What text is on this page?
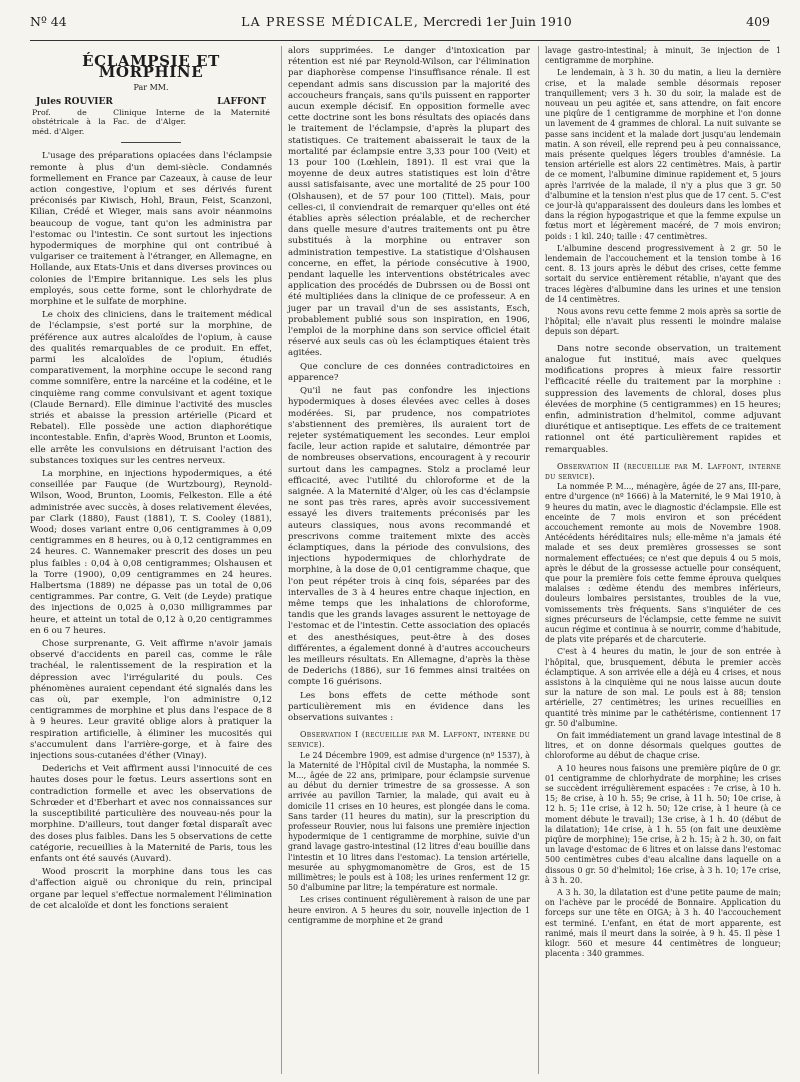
Nº 44	LA PRESSE MÉDICALE, Mercredi 1er Juin 1910	409
ÉCLAMPSIE ET MORPHINE
Par MM.
Jules ROUVIER	LAFFONT
Prof. de Clinique obstétricale à la Fac. de méd. d'Alger.
Interne de la Maternité d'Alger.

L'usage des préparations opiacées dans l'éclampsie remonte à plus d'un demi-siècle. Condamnés formellement en France par Cazeaux, à cause de leur action congestive, l'opium et ses dérivés furent préconisés par Kiwisch, Hohl, Braun, Feist, Scanzoni, Kilian, Crédé et Wieger, mais sans avoir néanmoins beaucoup de vogue, tant qu'on les administra par l'estomac ou l'intestin. Ce sont surtout les injections hypodermiques de morphine qui ont contribué à vulgariser ce traitement à l'étranger, en Allemagne, en Hollande, aux Etats-Unis et dans diverses provinces ou colonies de l'Empire britannique. Les sels les plus employés, sous cette forme, sont le chlorhydrate de morphine et le sulfate de morphine.

Le choix des cliniciens, dans le traitement médical de l'éclampsie, s'est porté sur la morphine, de préférence aux autres alcaloïdes de l'opium, à cause des qualités remarquables de ce produit. En effet, parmi les alcaloïdes de l'opium, étudiés comparativement, la morphine occupe le second rang comme somnifère, entre la narcéine et la codéine, et le cinquième rang comme convulsivant et agent toxique (Claude Bernard). Elle diminue l'activité des muscles striés et abaisse la pression artérielle (Picard et Rebatel). Elle possède une action diaphorétique incontestable. Enfin, d'après Wood, Brunton et Loomis, elle arrête les convulsions en détruisant l'action des substances toxiques sur les centres nerveux.

La morphine, en injections hypodermiques, a été conseillée par Fauque (de Wurtzbourg), Reynold-Wilson, Wood, Brunton, Loomis, Felkeston. Elle a été administrée avec succès, à doses relativement élevées, par Clark (1880), Faust (1881), T. S. Cooley (1881), Wood; doses variant entre 0,06 centigrammes à 0,09 centigrammes en 8 heures, ou à 0,12 centigrammes en 24 heures. C. Wannemaker prescrit des doses un peu plus faibles : 0,04 à 0,08 centigrammes; Olshausen et la Torre (1900), 0,09 centigrammes en 24 heures. Halbertsma (1889) ne dépasse pas un total de 0,06 centigrammes. Par contre, G. Veit (de Leyde) pratique des injections de 0,025 à 0,030 milligrammes par heure, et atteint un total de 0,12 à 0,20 centigrammes en 6 ou 7 heures.

Chose surprenante, G. Veit affirme n'avoir jamais observé d'accidents en pareil cas, comme le râle trachéal, le ralentissement de la respiration et la dépression avec l'irrégularité du pouls. Ces phénomènes auraient cependant été signalés dans les cas où, par exemple, l'on administre 0,12 centigrammes de morphine et plus dans l'espace de 8 à 9 heures. Leur gravité oblige alors à pratiquer la respiration artificielle, à éliminer les mucosités qui s'accumulent dans l'arrière-gorge, et à faire des injections sous-cutanées d'éther (Vinay).

Dederichs et Veit affirment aussi l'innocuité de ces hautes doses pour le fœtus. Leurs assertions sont en contradiction formelle et avec les observations de Schrœder et d'Eberhart et avec nos connaissances sur la susceptibilité particulière des nouveau-nés pour la morphine. D'ailleurs, tout danger fœtal disparaît avec des doses plus faibles. Dans les 5 observations de cette catégorie, recueillies à la Maternité de Paris, tous les enfants ont été sauvés (Auvard).

Wood proscrit la morphine dans tous les cas d'affection aiguë ou chronique du rein, principal organe par lequel s'effectue normalement l'élimination de cet alcaloïde et dont les fonctions seraient

alors supprimées. Le danger d'intoxication par rétention est nié par Reynold-Wilson, car l'élimination par diaphorèse compense l'insuffisance rénale. Il est cependant admis sans discussion par la majorité des accoucheurs français, sans qu'ils puissent en rapporter aucun exemple décisif. En opposition formelle avec cette doctrine sont les bons résultats des opiacés dans le traitement de l'éclampsie, d'après la plupart des statistiques. Ce traitement abaisserait le taux de la mortalité par éclampsie entre 3,33 pour 100 (Veit) et 13 pour 100 (Lœhlein, 1891). Il est vrai que la moyenne de deux autres statistiques est loin d'être aussi satisfaisante, avec une mortalité de 25 pour 100 (Olshausen), et de 57 pour 100 (Tittel). Mais, pour celles-ci, il conviendrait de remarquer qu'elles ont été établies après sélection préalable, et de rechercher dans quelle mesure d'autres traitements ont pu être substitués à la morphine ou entraver son administration tempestive. La statistique d'Olshausen concerne, en effet, la période consécutive à 1900, pendant laquelle les interventions obstétricales avec application des procédés de Dubrssen ou de Bossi ont été multipliées dans la clinique de ce professeur. A en juger par un travail d'un de ses assistants, Esch, probablement publié sous son inspiration, en 1906, l'emploi de la morphine dans son service officiel était réservé aux seuls cas où les éclamptiques étaient très agitées.

Que conclure de ces données contradictoires en apparence?

Qu'il ne faut pas confondre les injections hypodermiques à doses élevées avec celles à doses modérées. Si, par prudence, nos compatriotes s'abstiennent des premières, ils auraient tort de rejeter systématiquement les secondes. Leur emploi facile, leur action rapide et salutaire, démontrée par de nombreuses observations, encouragent à y recourir surtout dans les campagnes. Stolz a proclamé leur efficacité, avec l'utilité du chloroforme et de la saignée. A la Maternité d'Alger, où les cas d'éclampsie ne sont pas très rares, après avoir successivement essayé les divers traitements préconisés par les auteurs classiques, nous avons recommandé et prescrivons comme traitement mixte des accès éclamptiques, dans la période des convulsions, des injections hypodermiques de chlorhydrate de morphine, à la dose de 0,01 centigramme chaque, que l'on peut répéter trois à cinq fois, séparées par des intervalles de 3 à 4 heures entre chaque injection, en même temps que les inhalations de chloroforme, tandis que les grands lavages assurent le nettoyage de l'estomac et de l'intestin. Cette association des opiacés et des anesthésiques, peut-être à des doses différentes, a également donné à d'autres accoucheurs les meilleurs résultats. En Allemagne, d'après la thèse de Dederichs (1886), sur 16 femmes ainsi traitées on compte 16 guérisons.

Les bons effets de cette méthode sont particulièrement mis en évidence dans les observations suivantes :

Observation I (recueillie par M. Laffont, interne du service).

Le 24 Décembre 1909, est admise d'urgence (nº 1537), à la Maternité de l'Hôpital civil de Mustapha, la nommée S. M..., âgée de 22 ans, primipare, pour éclampsie survenue au début du dernier trimestre de sa grossesse. A son arrivée au pavillon Tarnier, la malade, qui avait eu à domicile 11 crises en 10 heures, est plongée dans le coma. Sans tarder (11 heures du matin), sur la prescription du professeur Rouvier, nous lui faisons une première injection hypodermique de 1 centigramme de morphine, suivie d'un grand lavage gastro-intestinal (12 litres d'eau bouillie dans l'intestin et 10 litres dans l'estomac). La tension artérielle, mesurée au sphygmomanomètre de Gros, est de 15 millimètres; le pouls est à 108; les urines renferment 12 gr. 50 d'albumine par litre; la température est normale.

Les crises continuent régulièrement à raison de une par heure environ. A 5 heures du soir, nouvelle injection de 1 centigramme de morphine et 2e grand

lavage gastro-intestinal; à minuit, 3e injection de 1 centigramme de morphine.

Le lendemain, à 3 h. 30 du matin, a lieu la dernière crise, et la malade semble désormais reposer tranquillement; vers 3 h. 30 du soir, la malade est de nouveau un peu agitée et, sans attendre, on fait encore une piqûre de 1 centigramme de morphine et l'on donne un lavement de 4 grammes de chloral. La nuit suivante se passe sans incident et la malade dort jusqu'au lendemain matin. A son réveil, elle reprend peu à peu connaissance, mais présente quelques légers troubles d'amnésie. La tension artérielle est alors 22 centimètres. Mais, à partir de ce moment, l'albumine diminue rapidement et, 5 jours après l'arrivée de la malade, il n'y a plus que 3 gr. 50 d'albumine et la tension n'est plus que de 17 cent. 5. C'est ce jour-là qu'apparaissent des douleurs dans les lombes et dans la région hypogastrique et que la femme expulse un fœtus mort et légèrement macéré, de 7 mois environ; poids : 1 kil. 240; taille : 47 centimètres.

L'albumine descend progressivement à 2 gr. 50 le lendemain de l'accouchement et la tension tombe à 16 cent. 8. 13 jours après le début des crises, cette femme sortait du service entièrement rétablie, n'ayant que des traces légères d'albumine dans les urines et une tension de 14 centimètres.

Nous avons revu cette femme 2 mois après sa sortie de l'hôpital; elle n'avait plus ressenti le moindre malaise depuis son départ.

Dans notre seconde observation, un traitement analogue fut institué, mais avec quelques modifications propres à mieux faire ressortir l'efficacité réelle du traitement par la morphine : suppression des lavements de chloral, doses plus élevées de morphine (5 centigrammes) en 15 heures; enfin, administration d'helmitol, comme adjuvant diurétique et antiseptique. Les effets de ce traitement rationnel ont été particulièrement rapides et remarquables.

Observation II (recueillie par M. Laffont, interne du service).

La nommée P. M..., ménagère, âgée de 27 ans, III-pare, entre d'urgence (nº 1666) à la Maternité, le 9 Mai 1910, à 9 heures du matin, avec le diagnostic d'éclampsie. Elle est enceinte de 7 mois environ et son précédent accouchement remonte au mois de Novembre 1908. Antécédents héréditaires nuls; elle-même n'a jamais été malade et ses deux premières grossesses se sont normalement effectuées; ce n'est que depuis 4 ou 5 mois, après le début de la grossesse actuelle pour conséquent, que pour la première fois cette femme éprouva quelques malaises : œdème étendu des membres inférieurs, douleurs lombaires persistantes, troubles de la vue, vomissements très fréquents. Sans s'inquiéter de ces signes précurseurs de l'éclampsie, cette femme ne suivit aucun régime et continua à se nourrir, comme d'habitude, de plats vite préparés et de charcuterie.

C'est à 4 heures du matin, le jour de son entrée à l'hôpital, que, brusquement, débuta le premier accès éclamptique. A son arrivée elle a déjà eu 4 crises, et nous assistons à la cinquième qui ne nous laisse aucun doute sur la nature de son mal. Le pouls est à 88; tension artérielle, 27 centimètres; les urines recueillies en quantité très minime par le cathétérisme, contiennent 17 gr. 50 d'albumine.

On fait immédiatement un grand lavage intestinal de 8 litres, et on donne désormais quelques gouttes de chloroforme au début de chaque crise.

A 10 heures nous faisons une première piqûre de 0 gr. 01 centigramme de chlorhydrate de morphine; les crises se succèdent irrégulièrement espacées : 7e crise, à 10 h. 15; 8e crise, à 10 h. 55; 9e crise, à 11 h. 50; 10e crise, à 12 h. 5; 11e crise, à 12 h. 50; 12e crise, à 1 heure (à ce moment débute le travail); 13e crise, à 1 h. 40 (début de la dilatation); 14e crise, à 1 h. 55 (on fait une deuxième piqûre de morphine); 15e crise, à 2 h. 15; à 2 h. 30, on fait un lavage d'estomac de 6 litres et on laisse dans l'estomac 500 centimètres cubes d'eau alcaline dans laquelle on a dissous 0 gr. 50 d'helmitol; 16e crise, à 3 h. 10; 17e crise, à 3 h. 20.

A 3 h. 30, la dilatation est d'une petite paume de main; on l'achève par le procédé de Bonnaire. Application du forceps sur une tête en OIGA; à 3 h. 40 l'accouchement est terminé. L'enfant, en état de mort apparente, est ranimé, mais il meurt dans la soirée, à 9 h. 45. Il pèse 1 kilogr. 560 et mesure 44 centimètres de longueur; placenta : 340 grammes.
